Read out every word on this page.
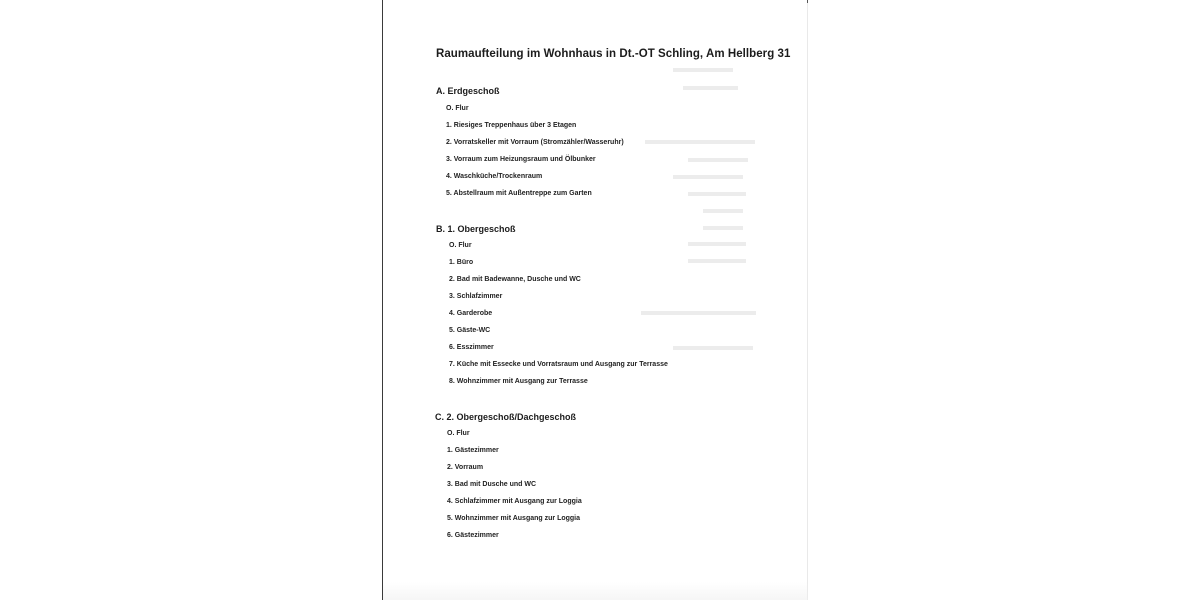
Raumaufteilung im Wohnhaus in Dt.-OT Schling, Am Hellberg 31
A. Erdgeschoß
O. Flur
1. Riesiges Treppenhaus über 3 Etagen
2. Vorratskeller mit Vorraum (Stromzähler/Wasseruhr)
3. Vorraum zum Heizungsraum und Ölbunker
4. Waschküche/Trockenraum
5. Abstellraum mit Außentreppe zum Garten
B. 1. Obergeschoß
O. Flur
1. Büro
2. Bad mit Badewanne, Dusche und WC
3. Schlafzimmer
4. Garderobe
5. Gäste-WC
6. Esszimmer
7. Küche mit Essecke und Vorratsraum und Ausgang zur Terrasse
8. Wohnzimmer mit Ausgang zur Terrasse
C. 2. Obergeschoß/Dachgeschoß
O. Flur
1. Gästezimmer
2. Vorraum
3. Bad mit Dusche und WC
4. Schlafzimmer mit Ausgang zur Loggia
5. Wohnzimmer mit Ausgang zur Loggia
6. Gästezimmer
